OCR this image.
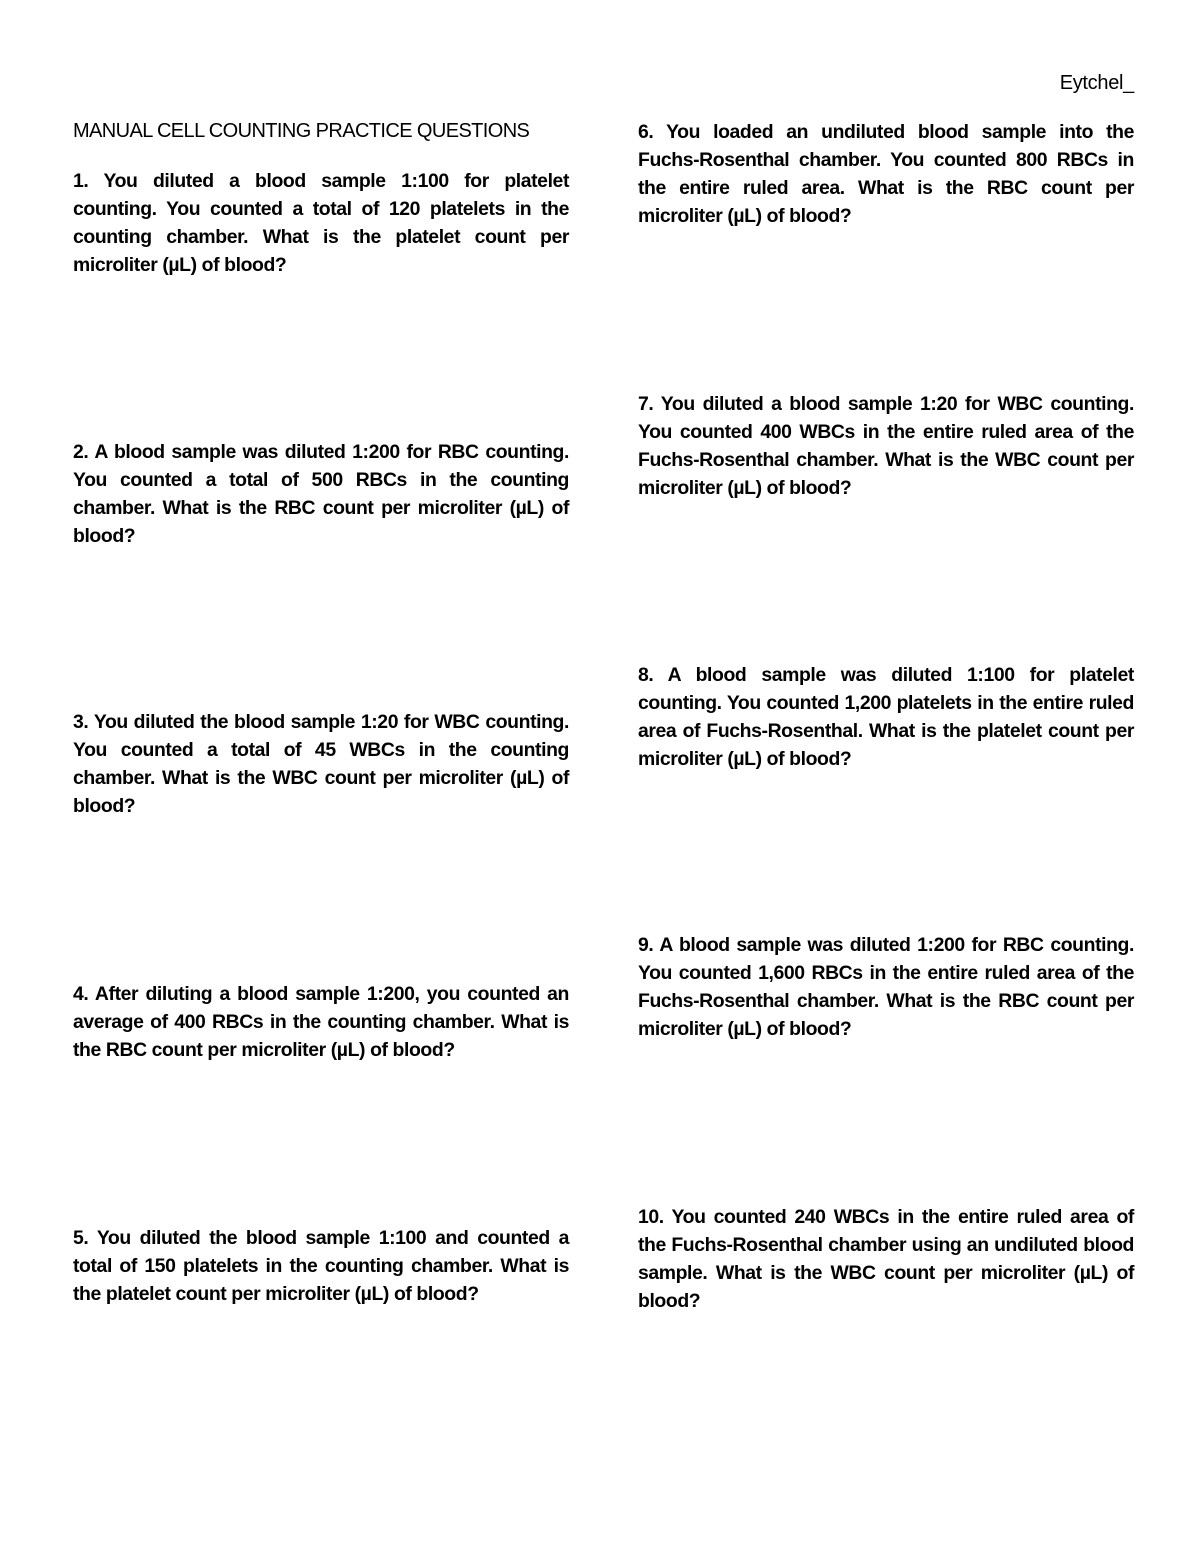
Eytchel_
MANUAL CELL COUNTING PRACTICE QUESTIONS
1. You diluted a blood sample 1:100 for platelet counting. You counted a total of 120 platelets in the counting chamber. What is the platelet count per microliter (µL) of blood?
2. A blood sample was diluted 1:200 for RBC counting. You counted a total of 500 RBCs in the counting chamber. What is the RBC count per microliter (µL) of blood?
3. You diluted the blood sample 1:20 for WBC counting. You counted a total of 45 WBCs in the counting chamber. What is the WBC count per microliter (µL) of blood?
4. After diluting a blood sample 1:200, you counted an average of 400 RBCs in the counting chamber. What is the RBC count per microliter (µL) of blood?
5. You diluted the blood sample 1:100 and counted a total of 150 platelets in the counting chamber. What is the platelet count per microliter (µL) of blood?
6. You loaded an undiluted blood sample into the Fuchs-Rosenthal chamber. You counted 800 RBCs in the entire ruled area. What is the RBC count per microliter (µL) of blood?
7. You diluted a blood sample 1:20 for WBC counting. You counted 400 WBCs in the entire ruled area of the Fuchs-Rosenthal chamber. What is the WBC count per microliter (µL) of blood?
8. A blood sample was diluted 1:100 for platelet counting. You counted 1,200 platelets in the entire ruled area of Fuchs-Rosenthal. What is the platelet count per microliter (µL) of blood?
9. A blood sample was diluted 1:200 for RBC counting. You counted 1,600 RBCs in the entire ruled area of the Fuchs-Rosenthal chamber. What is the RBC count per microliter (µL) of blood?
10. You counted 240 WBCs in the entire ruled area of the Fuchs-Rosenthal chamber using an undiluted blood sample. What is the WBC count per microliter (µL) of blood?
